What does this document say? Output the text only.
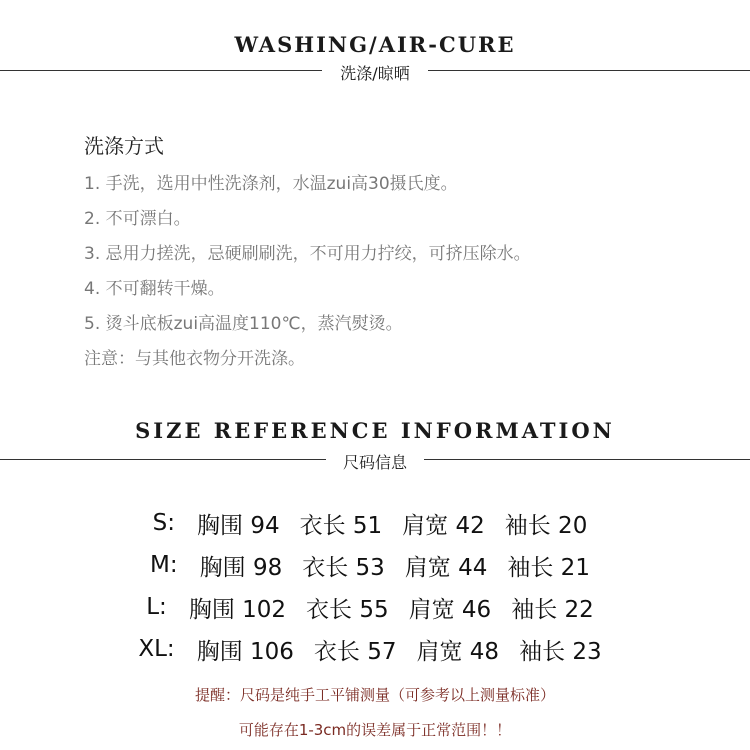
WASHING/AIR-CURE
洗涤/晾晒
洗涤方式
1. 手洗，选用中性洗涤剂，水温zui高30摄氏度。
2. 不可漂白。
3. 忌用力搓洗，忌硬刷刷洗，不可用力拧绞，可挤压除水。
4. 不可翻转干燥。
5. 烫斗底板zui高温度110℃，蒸汽熨烫。
注意：与其他衣物分开洗涤。
SIZE REFERENCE INFORMATION
尺码信息
S: 胸围 94 衣长 51 肩宽 42 袖长 20
M: 胸围 98 衣长 53 肩宽 44 袖长 21
L: 胸围 102 衣长 55 肩宽 46 袖长 22
XL: 胸围 106 衣长 57 肩宽 48 袖长 23
提醒：尺码是纯手工平铺测量（可参考以上测量标准）
可能存在1-3cm的误差属于正常范围！！
